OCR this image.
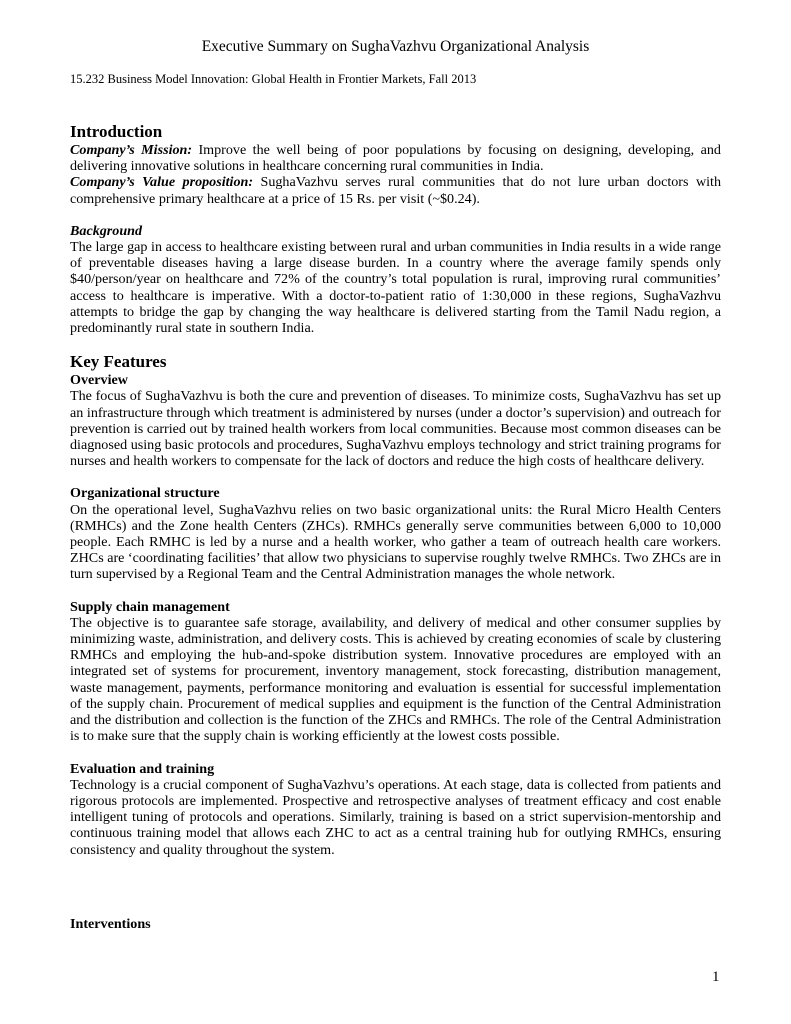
Executive Summary on SughaVazhvu Organizational Analysis
15.232 Business Model Innovation: Global Health in Frontier Markets, Fall 2013
Introduction

Company’s Mission: Improve the well being of poor populations by focusing on designing, developing, and delivering innovative solutions in healthcare concerning rural communities in India.

Company’s Value proposition: SughaVazhvu serves rural communities that do not lure urban doctors with comprehensive primary healthcare at a price of 15 Rs. per visit (~$0.24).

Background

The large gap in access to healthcare existing between rural and urban communities in India results in a wide range of preventable diseases having a large disease burden. In a country where the average family spends only $40/person/year on healthcare and 72% of the country’s total population is rural, improving rural communities’ access to healthcare is imperative. With a doctor-to-patient ratio of 1:30,000 in these regions, SughaVazhvu attempts to bridge the gap by changing the way healthcare is delivered starting from the Tamil Nadu region, a predominantly rural state in southern India.

Key Features
Overview

The focus of SughaVazhvu is both the cure and prevention of diseases. To minimize costs, SughaVazhvu has set up an infrastructure through which treatment is administered by nurses (under a doctor’s supervision) and outreach for prevention is carried out by trained health workers from local communities. Because most common diseases can be diagnosed using basic protocols and procedures, SughaVazhvu employs technology and strict training programs for nurses and health workers to compensate for the lack of doctors and reduce the high costs of healthcare delivery.

Organizational structure

On the operational level, SughaVazhvu relies on two basic organizational units: the Rural Micro Health Centers (RMHCs) and the Zone health Centers (ZHCs). RMHCs generally serve communities between 6,000 to 10,000 people. Each RMHC is led by a nurse and a health worker, who gather a team of outreach health care workers. ZHCs are ‘coordinating facilities’ that allow two physicians to supervise roughly twelve RMHCs. Two ZHCs are in turn supervised by a Regional Team and the Central Administration manages the whole network.

Supply chain management

The objective is to guarantee safe storage, availability, and delivery of medical and other consumer supplies by minimizing waste, administration, and delivery costs. This is achieved by creating economies of scale by clustering RMHCs and employing the hub-and-spoke distribution system. Innovative procedures are employed with an integrated set of systems for procurement, inventory management, stock forecasting, distribution management, waste management, payments, performance monitoring and evaluation is essential for successful implementation of the supply chain. Procurement of medical supplies and equipment is the function of the Central Administration and the distribution and collection is the function of the ZHCs and RMHCs. The role of the Central Administration is to make sure that the supply chain is working efficiently at the lowest costs possible.

Evaluation and training

Technology is a crucial component of SughaVazhvu’s operations. At each stage, data is collected from patients and rigorous protocols are implemented. Prospective and retrospective analyses of treatment efficacy and cost enable intelligent tuning of protocols and operations. Similarly, training is based on a strict supervision-mentorship and continuous training model that allows each ZHC to act as a central training hub for outlying RMHCs, ensuring consistency and quality throughout the system.

Interventions
1
